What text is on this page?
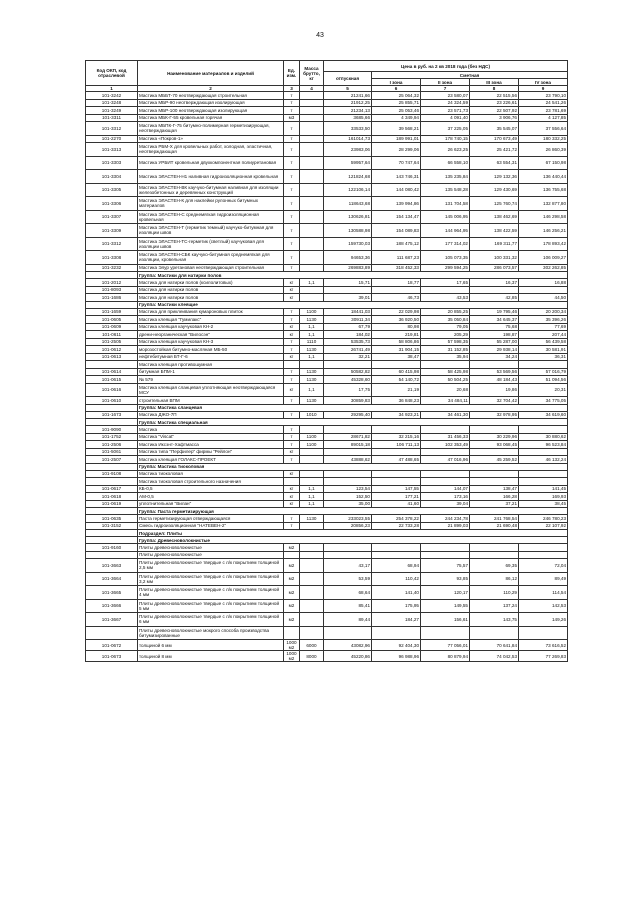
43
Код ОКП, код отраслевой	Наименование материалов и изделий	Ед. изм.	Масса брутто, кг	Цена в руб. на 2 кв 2018 года (без НДС)				
				отпускная	Сметная			
					I зона	II зона	III зона	IV зона
1	2	3	4	5	6	7	8	9
101-3242	Мастика МББТ-70 неотверждающая строительная	т		21241,66	25 064,32	23 580,07	22 515,56	23 790,10
101-3248	Мастика МБР-90 неотверждающая изолирующая	т		21912,25	25 855,71	24 324,59	23 226,61	24 541,26
101-3249	Мастика МБР-100 неотверждающая изолирующая	т		21234,13	25 053,46	23 571,73	22 507,92	23 781,69
101-3311	Мастика МБК-Г-55 кровельная горячая	м3		3685,66	4 349,94	4 091,40	3 906,76	4 127,85
101-3312	Мастика МБПК-Г-75 битумно-полимерная герметизирующая, неотверждающая	т		33533,50	39 568,21	37 225,05	35 545,07	37 556,64
101-2270	Мастика «Покров-1»	т		161014,73	189 991,01	178 740,15	170 673,49	180 332,25
101-3313	Мастика РБМ-Х для кровельных работ, холодная, эластичная, неотверждающая	т		23983,06	28 299,06	26 623,25	25 421,72	26 860,39
101-3303	Мастика УРБИТ кровельная двухкомпонентная полиуретановая	т		59957,64	70 747,64	66 558,10	63 554,31	67 150,98
101-3304	Мастика ЭЛАСТЕН-Н1 наливная гидроизоляционная кровельная	т		121824,68	143 746,31	135 235,84	129 132,36	136 440,44
101-3305	Мастика ЭЛАСТЕН-ВК каучуко-битумная наливная для изоляции железобетонных и деревянных конструкций	т		122106,14	144 080,42	135 548,28	129 430,69	136 755,68
101-3306	Мастика ЭЛАСТЕН-К для наклейки рулонных битумных материалов	т		118643,68	139 994,86	131 704,58	125 760,74	132 877,80
101-3307	Мастика ЭЛАСТЕН-С среднемягкая гидроизоляционная кровельная	т		130626,81	154 134,47	145 006,95	138 462,69	146 298,58
101-3309	Мастика ЭЛАСТЕН-Т (герметик темный) каучуко-битумная для изоляции швов	т		130588,98	154 089,83	144 964,95	138 422,59	146 256,21
101-3312	Мастика ЭЛАСТЕН-ТС-герметик (светлый) каучуковая для изоляции швов	т		159730,03	188 475,12	177 314,02	169 311,77	178 893,42
101-3308	Мастика ЭЛАСТЕН-СБК каучуко-битумная среднемягкая для изоляции, кровельная	т		94653,36	111 687,23	105 073,35	100 331,32	106 009,27
101-3232	Мастика Элур уретановая неотверждающая строительная	т		269883,89	318 452,33	299 594,25	286 073,57	302 262,85
	Группа: Мастики для натирки полов							
101-2012	Мастика для натирки полов (ксилолитовых)	кг	1,1	15,71	18,77	17,65	16,37	16,88
101-8093	Мастика для натирки полов	кг						
101-1686	Мастика для натирки полов	кг		39,01	46,73	43,53	42,85	44,50
	Группа: Мастики клеящие							
101-1659	Мастика для приклеивания кумароновых плиток	т	1100	18441,03	22 029,98	20 855,25	19 795,46	20 200,34
101-0605	Мастика клеящая "Гумилакс"	т	1130	30911,34	36 920,50	35 050,84	34 645,37	35 396,26
101-0609	Мастика клеящая каучуковая КН-2	кг	1,1	67,79	80,98	79,05	75,68	77,69
101-0611	дрени-неорганическая "Вилосэн"	кг	1,1	184,02	219,81	205,29	198,87	207,44
101-2505	Мастика клеящая каучуковая КН-3	т	1110	53535,73	58 806,86	57 598,35	55 287,00	56 439,58
101-0612	морозостойкая битумно-масляная МБ-50	т	1130	26741,49	31 904,15	31 152,85	29 938,14	30 581,91
101-0613	нефтебитумная БТ-Г-6	кг	1,1	32,21	38,47	35,94	34,24	36,31
	Мастика клеящая противошумная							
101-0614	битумная БПМ-1	т	1130	50582,82	60 415,98	58 425,98	53 569,56	57 016,79
101-0615	№ 579	т	1130	45328,60	54 140,72	50 504,25	48 184,43	51 094,56
101-0616	Мастика клеящая сланцевая уплотняющая неотверждающаяся МСУ	кг	1,1	17,75	21,19	20,68	19,86	20,31
101-0610	строительная ВПМ	т	1130	30859,83	36 848,23	34 484,11	32 704,42	34 775,05
	Группа: Мастика сланцевая							
101-1673	Мастика ДЖО-7П	т	1010	29295,40	34 923,21	34 461,30	32 978,95	34 619,60
	Группа: Мастика специальная							
101-9090	Мастика	т						
101-1752	Мастика "Viscat"	т	1100	28671,82	32 215,16	31 456,33	30 229,96	30 880,62
101-2506	Мастика Иксэнт-Хафтмасса	т	1100	89015,18	106 711,13	102 353,49	93 068,45	96 523,84
101-5061	Мастика типа "Перфилер" фирмы "Рейлон"	кг						
101-2507	Мастика клеящая ГОЛАКС-ПРОЕКТ	т		43888,62	47 488,65	47 016,96	45 259,52	46 132,24
	Группа: Мастика тиоколовая							
101-9108	Мастика тиоколовая	кг						
	Мастика тиоколовая строительного назначения							
101-0617	КБ-0,5	кг	1,1	123,54	147,55	144,07	138,47	141,45
101-0618	АМ-0,5	кг	1,1	152,50	177,21	173,16	166,28	169,93
101-0619	уплотнительная "Вилан"	кг	1,1	35,00	41,60	39,04	37,21	38,45
	Группа: Паста герметизирующая							
101-0635	Паста герметизирующая отверждающаяся	т	1130	233023,55	254 378,22	244 234,78	241 768,54	246 780,23
101-3152	Смесь гидроизоляционная "НАТЕВЕН-2"	т		20856,23	22 733,28	21 899,03	21 690,48	22 107,92
	Подраздел: Плиты							
	Группа: Древесноволокнистые							
101-9160	Плиты древесноволокнистые	м2						
	Плиты древесноволокнистые							
101-3663	Плиты древесноволокнистые твердые с л/к покрытием толщиной 2,5 мм	м2		43,17	68,94	75,57	69,35	72,04
101-3664	Плиты древесноволокнистые твердые с л/к покрытием толщиной 3,2 мм	м2		53,59	110,42	93,85	86,12	89,49
101-3665	Плиты древесноволокнистые твердые с л/к покрытием толщиной 4 мм	м2		68,64	141,40	120,17	110,29	114,54
101-3666	Плиты древесноволокнистые твердые с л/к покрытием толщиной 5 мм	м2		85,41	175,95	149,55	137,24	142,53
101-3667	Плиты древесноволокнистые твердые с л/к покрытием толщиной 6 мм	м2		89,44	184,27	156,61	143,75	149,26
	Плиты древесноволокнистые мокрого способа производства битумизированные							
101-0672	толщиной 6 мм	1000 м2	6000	43082,96	92 404,30	77 056,01	70 641,84	73 616,52
101-0673	толщиной 8 мм	1000 м2	8000	45220,86	96 988,96	80 879,94	74 042,53	77 269,83
